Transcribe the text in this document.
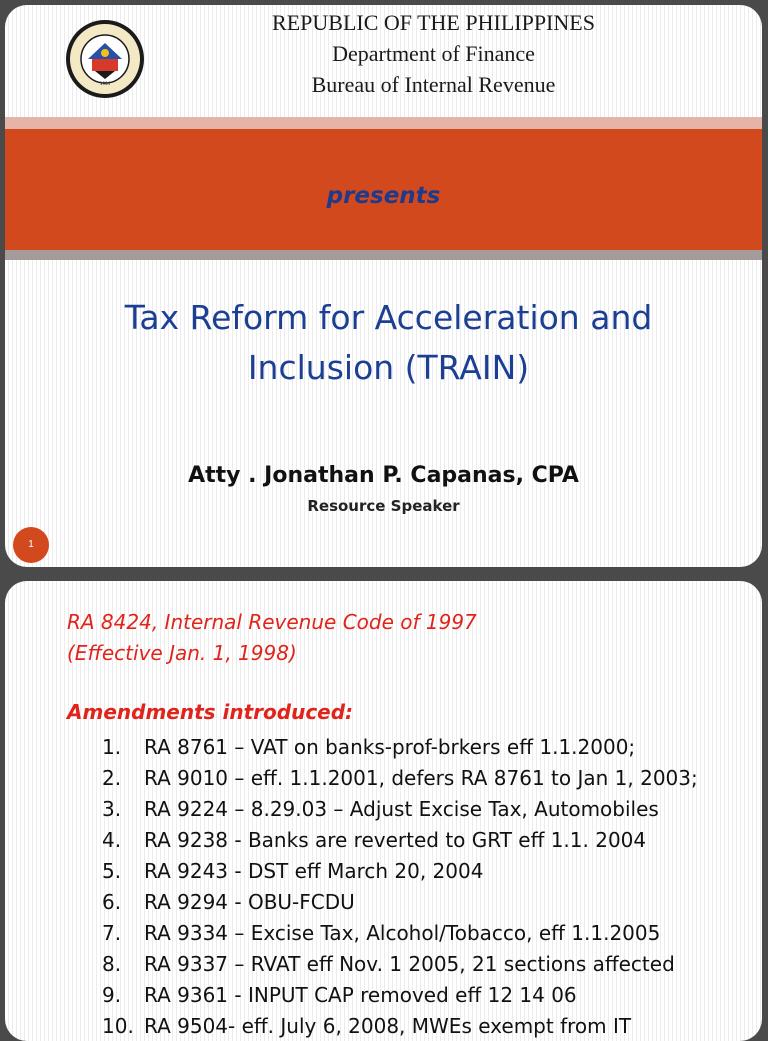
1904
REPUBLIC OF THE PHILIPPINES
Department of Finance
Bureau of Internal Revenue
presents
Tax Reform for Acceleration and
Inclusion (TRAIN)
Atty . Jonathan P. Capanas, CPA
Resource Speaker
1
RA 8424, Internal Revenue Code of 1997
(Effective Jan. 1, 1998)
Amendments introduced:
1. RA 8761 – VAT on banks-prof-brkers eff 1.1.2000;
2. RA 9010 – eff. 1.1.2001, defers RA 8761 to Jan 1, 2003;
3. RA 9224 – 8.29.03 – Adjust Excise Tax, Automobiles
4. RA 9238 - Banks are reverted to GRT eff 1.1. 2004
5. RA 9243 - DST eff March 20, 2004
6. RA 9294 - OBU-FCDU
7. RA 9334 – Excise Tax, Alcohol/Tobacco, eff 1.1.2005
8. RA 9337 – RVAT eff Nov. 1 2005, 21 sections affected
9. RA 9361 - INPUT CAP removed eff 12 14 06
10. RA 9504- eff. July 6, 2008, MWEs exempt from IT
